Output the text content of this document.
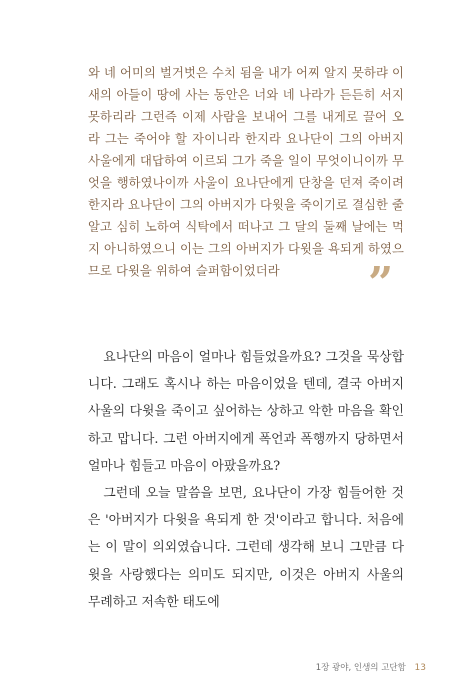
와 네 어미의 벌거벗은 수치 됨을 내가 어찌 알지 못하랴 이새의 아들이 땅에 사는 동안은 너와 네 나라가 든든히 서지 못하리라 그런즉 이제 사람을 보내어 그를 내게로 끌어 오라 그는 죽어야 할 자이니라 한지라 요나단이 그의 아버지 사울에게 대답하여 이르되 그가 죽을 일이 무엇이니이까 무엇을 행하였나이까 사울이 요나단에게 단창을 던져 죽이려 한지라 요나단이 그의 아버지가 다윗을 죽이기로 결심한 줄 알고 심히 노하여 식탁에서 떠나고 그 달의 둘째 날에는 먹지 아니하였으니 이는 그의 아버지가 다윗을 욕되게 하였으므로 다윗을 위하여 슬퍼함이었더라	”

요나단의 마음이 얼마나 힘들었을까요? 그것을 묵상합니다. 그래도 혹시나 하는 마음이었을 텐데, 결국 아버지 사울의 다윗을 죽이고 싶어하는 상하고 악한 마음을 확인하고 맙니다. 그런 아버지에게 폭언과 폭행까지 당하면서 얼마나 힘들고 마음이 아팠을까요?

그런데 오늘 말씀을 보면, 요나단이 가장 힘들어한 것은 '아버지가 다윗을 욕되게 한 것'이라고 합니다. 처음에는 이 말이 의외였습니다. 그런데 생각해 보니 그만큼 다윗을 사랑했다는 의미도 되지만, 이것은 아버지 사울의 무례하고 저속한 태도에

1장 광야, 인생의 고단함 13
